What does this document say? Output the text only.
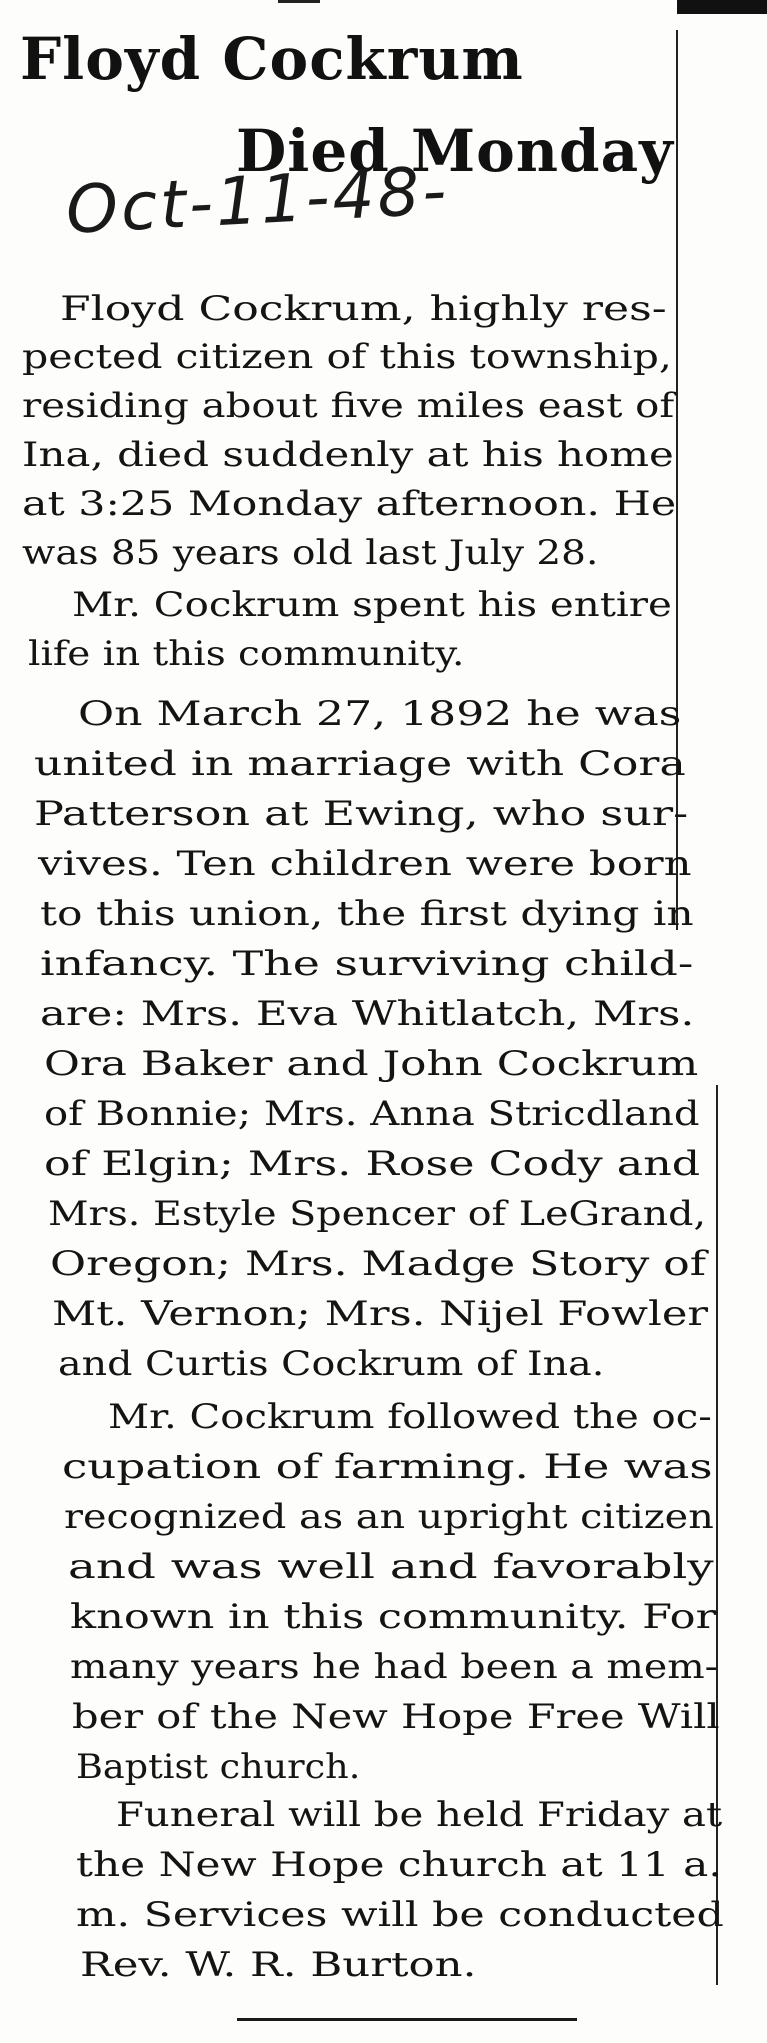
Floyd Cockrum
Died Monday
Oct-11-48-
Floyd Cockrum, highly res-
pected citizen of this township,
residing about five miles east of
Ina, died suddenly at his home
at 3:25 Monday afternoon. He
was 85 years old last July 28.
Mr. Cockrum spent his entire
life in this community.
On March 27, 1892 he was
united in marriage with Cora
Patterson at Ewing, who sur-
vives. Ten children were born
to this union, the first dying in
infancy. The surviving child-
are: Mrs. Eva Whitlatch, Mrs.
Ora Baker and John Cockrum
of Bonnie; Mrs. Anna Stricdland
of Elgin; Mrs. Rose Cody and
Mrs. Estyle Spencer of LeGrand,
Oregon; Mrs. Madge Story of
Mt. Vernon; Mrs. Nijel Fowler
and Curtis Cockrum of Ina.
Mr. Cockrum followed the oc-
cupation of farming. He was
recognized as an upright citizen
and was well and favorably
known in this community. For
many years he had been a mem-
ber of the New Hope Free Will
Baptist church.
Funeral will be held Friday at
the New Hope church at 11 a.
m. Services will be conducted
Rev. W. R. Burton.
